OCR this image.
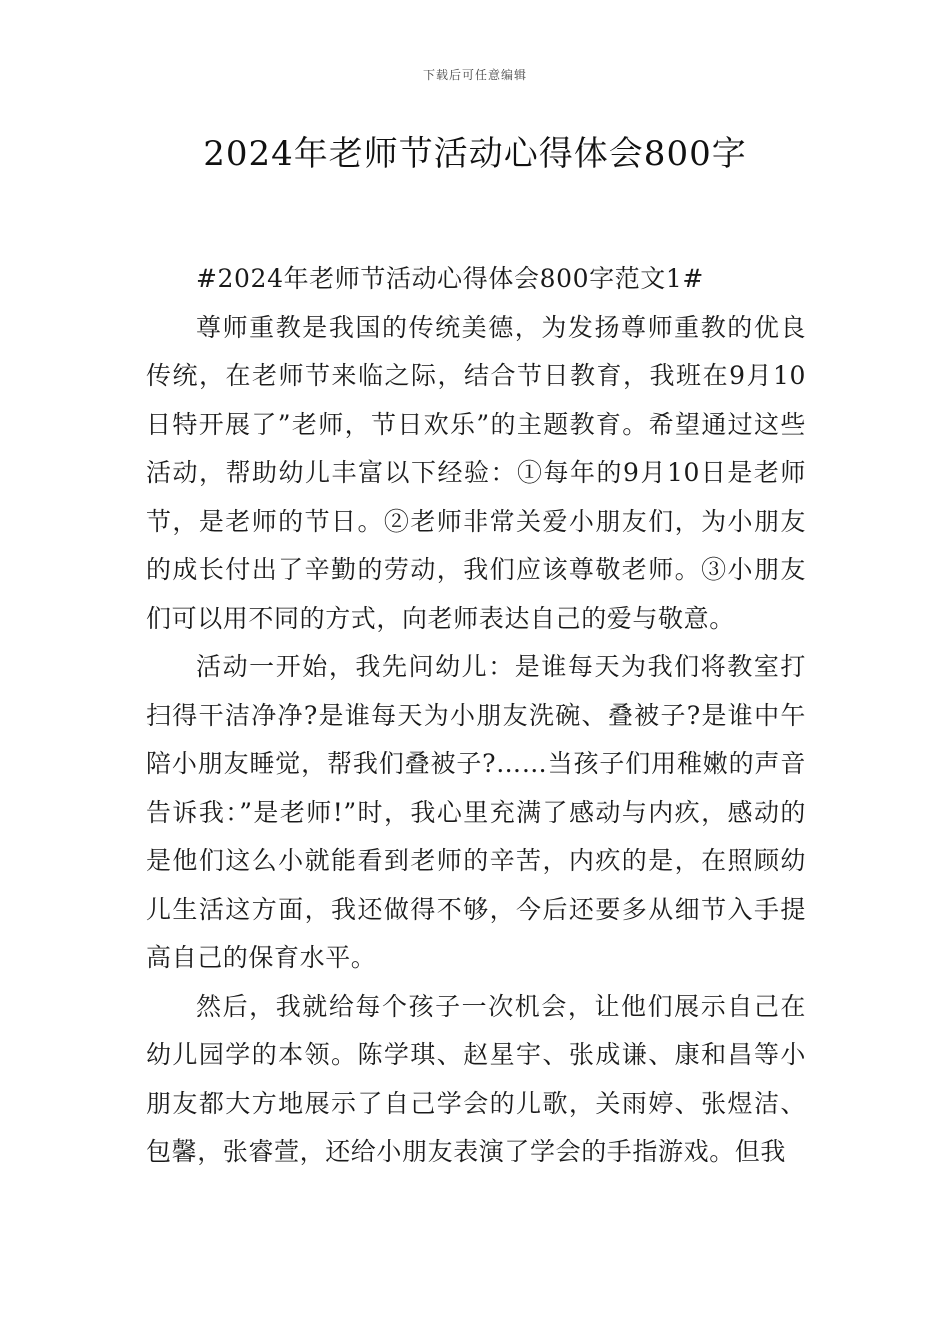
下载后可任意编辑
2024年老师节活动心得体会800字
#2024年老师节活动心得体会800字范文1#

尊师重教是我国的传统美德，为发扬尊师重教的优良传统，在老师节来临之际，结合节日教育，我班在9月10日特开展了”老师，节日欢乐”的主题教育。希望通过这些活动，帮助幼儿丰富以下经验：①每年的9月10日是老师节，是老师的节日。②老师非常关爱小朋友们，为小朋友的成长付出了辛勤的劳动，我们应该尊敬老师。③小朋友们可以用不同的方式，向老师表达自己的爱与敬意。

活动一开始，我先问幼儿：是谁每天为我们将教室打扫得干洁净净?是谁每天为小朋友洗碗、叠被子?是谁中午陪小朋友睡觉，帮我们叠被子?……当孩子们用稚嫩的声音告诉我：”是老师!”时，我心里充满了感动与内疚，感动的是他们这么小就能看到老师的辛苦，内疚的是，在照顾幼儿生活这方面，我还做得不够，今后还要多从细节入手提高自己的保育水平。

然后，我就给每个孩子一次机会，让他们展示自己在幼儿园学的本领。陈学琪、赵星宇、张成谦、康和昌等小朋友都大方地展示了自己学会的儿歌，关雨婷、张煜洁、包馨，张睿萱，还给小朋友表演了学会的手指游戏。但我
